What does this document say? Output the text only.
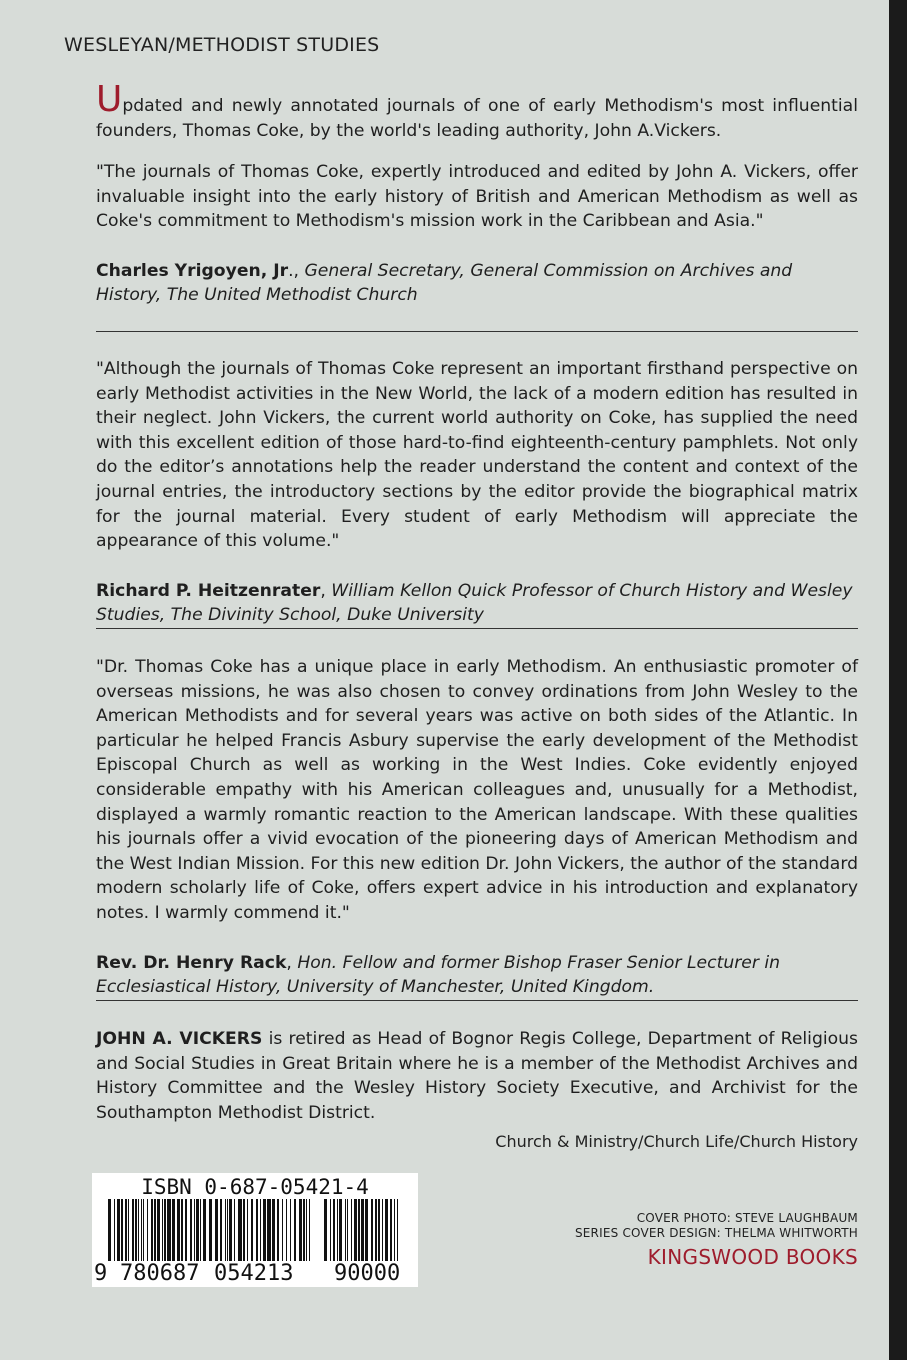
WESLEYAN/METHODIST STUDIES

Updated and newly annotated journals of one of early Methodism's most influential founders, Thomas Coke, by the world's leading authority, John A.Vickers.

"The journals of Thomas Coke, expertly introduced and edited by John A. Vickers, offer invaluable insight into the early history of British and American Methodism as well as Coke's commitment to Methodism's mission work in the Caribbean and Asia."

Charles Yrigoyen, Jr., General Secretary, General Commission on Archives and History, The United Methodist Church

"Although the journals of Thomas Coke represent an important firsthand perspective on early Methodist activities in the New World, the lack of a modern edition has resulted in their neglect. John Vickers, the current world authority on Coke, has supplied the need with this excellent edition of those hard-to-find eighteenth-century pamphlets. Not only do the editor’s annotations help the reader understand the content and context of the journal entries, the introductory sections by the editor provide the biographical matrix for the journal material. Every student of early Methodism will appreciate the appearance of this volume."

Richard P. Heitzenrater, William Kellon Quick Professor of Church History and Wesley Studies, The Divinity School, Duke University

"Dr. Thomas Coke has a unique place in early Methodism. An enthusiastic promoter of overseas missions, he was also chosen to convey ordinations from John Wesley to the American Methodists and for several years was active on both sides of the Atlantic. In particular he helped Francis Asbury supervise the early development of the Methodist Episcopal Church as well as working in the West Indies. Coke evidently enjoyed considerable empathy with his American colleagues and, unusually for a Methodist, displayed a warmly romantic reaction to the American landscape. With these qualities his journals offer a vivid evocation of the pioneering days of American Methodism and the West Indian Mission. For this new edition Dr. John Vickers, the author of the standard modern scholarly life of Coke, offers expert advice in his introduction and explanatory notes. I warmly commend it."

Rev. Dr. Henry Rack, Hon. Fellow and former Bishop Fraser Senior Lecturer in Ecclesiastical History, University of Manchester, United Kingdom.

JOHN A. VICKERS is retired as Head of Bognor Regis College, Department of Religious and Social Studies in Great Britain where he is a member of the Methodist Archives and History Committee and the Wesley History Society Executive, and Archivist for the Southampton Methodist District.

Church & Ministry/Church Life/Church History
ISBN 0-687-05421-4
9 780687 054213 90000
COVER PHOTO: STEVE LAUGHBAUM
SERIES COVER DESIGN: THELMA WHITWORTH
KINGSWOOD BOOKS
